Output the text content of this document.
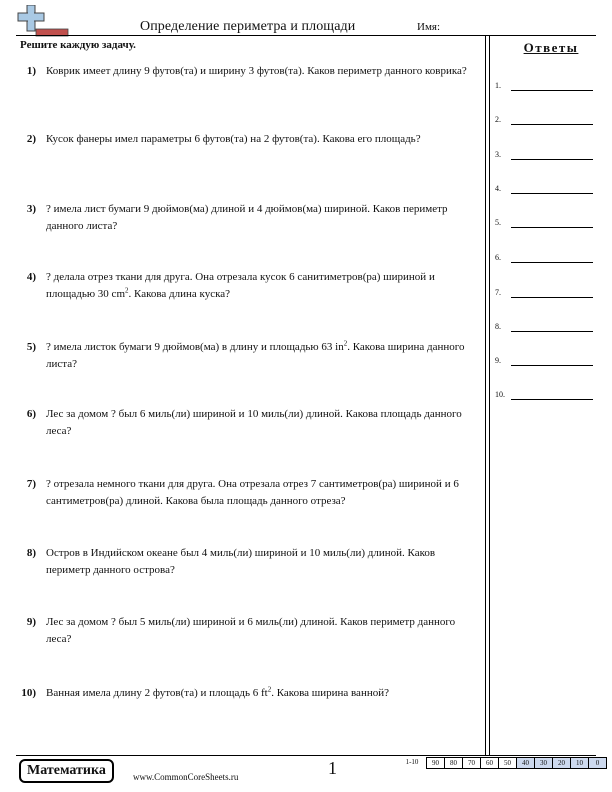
Определение периметра и площади	Имя:
Решите каждую задачу.	Ответы
1.
2.
3.
4.
5.
6.
7.
8.
9.
10.
1) Коврик имеет длину 9 футов(та) и ширину 3 футов(та). Каков периметр данного коврика?
2) Кусок фанеры имел параметры 6 футов(та) на 2 футов(та). Какова его площадь?
3) ? имела лист бумаги 9 дюймов(ма) длиной и 4 дюймов(ма) шириной. Каков периметр данного листа?
4) ? делала отрез ткани для друга. Она отрезала кусок 6 санитиметров(ра) шириной и площадью 30 $cm^2$. Какова длина куска?
5) ? имела листок бумаги 9 дюймов(ма) в длину и площадью 63 $in^2$. Какова ширина данного листа?
6) Лес за домом ? был 6 миль(ли) шириной и 10 миль(ли) длиной. Какова площадь данного леса?
7) ? отрезала немного ткани для друга. Она отрезала отрез 7 сантиметров(ра) шириной и 6 сантиметров(ра) длиной. Какова была площадь данного отреза?
8) Остров в Индийском океане был 4 миль(ли) шириной и 10 миль(ли) длиной. Каков периметр данного острова?
9) Лес за домом ? был 5 миль(ли) шириной и 6 миль(ли) длиной. Каков периметр данного леса?
10) Ванная имела длину 2 футов(та) и площадь 6 $ft^2$. Какова ширина ванной?
Математика	www.CommonCoreSheets.ru	1	1-10	90	80	70	60	50	40	30	20	10	0
